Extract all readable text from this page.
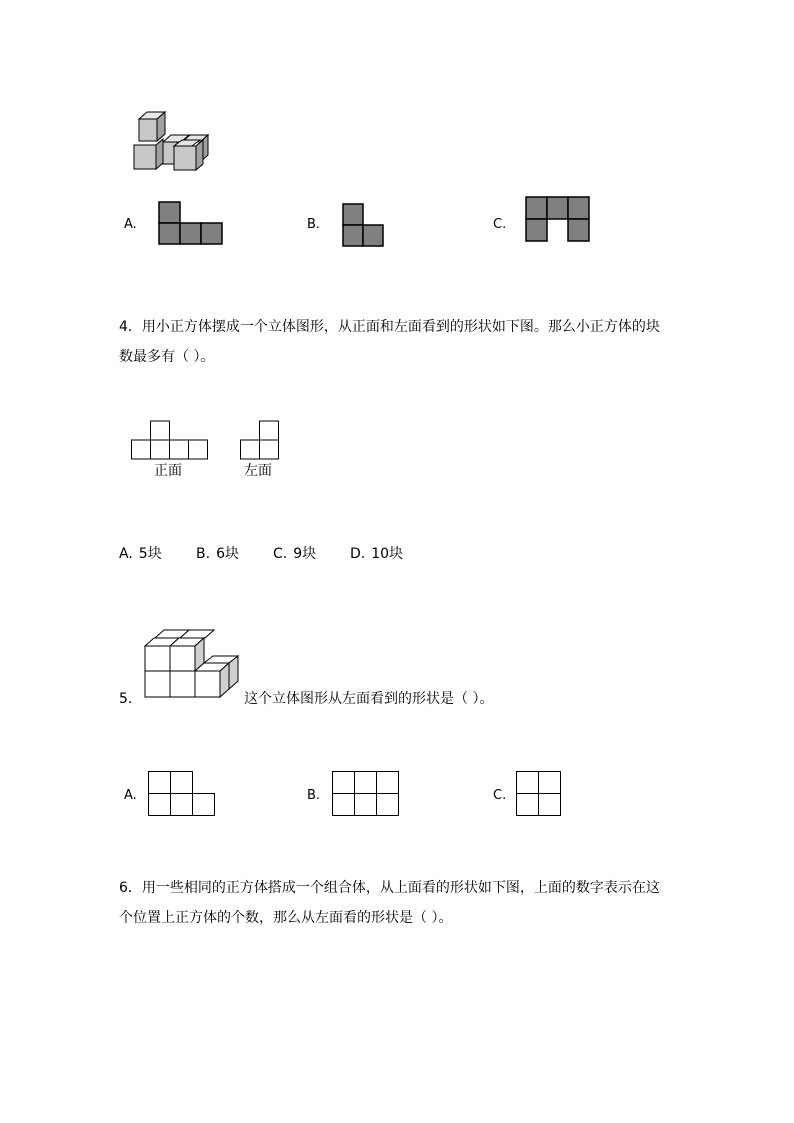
A.	B.	C.
4．用小正方体摆成一个立体图形，从正面和左面看到的形状如下图。那么小正方体的块
数最多有（ ）。
正面	左面
A. 5块 B. 6块 C. 9块 D. 10块
5．	这个立体图形从左面看到的形状是（ ）。
A.	B.	C.
6．用一些相同的正方体搭成一个组合体，从上面看的形状如下图，上面的数字表示在这
个位置上正方体的个数，那么从左面看的形状是（ ）。
